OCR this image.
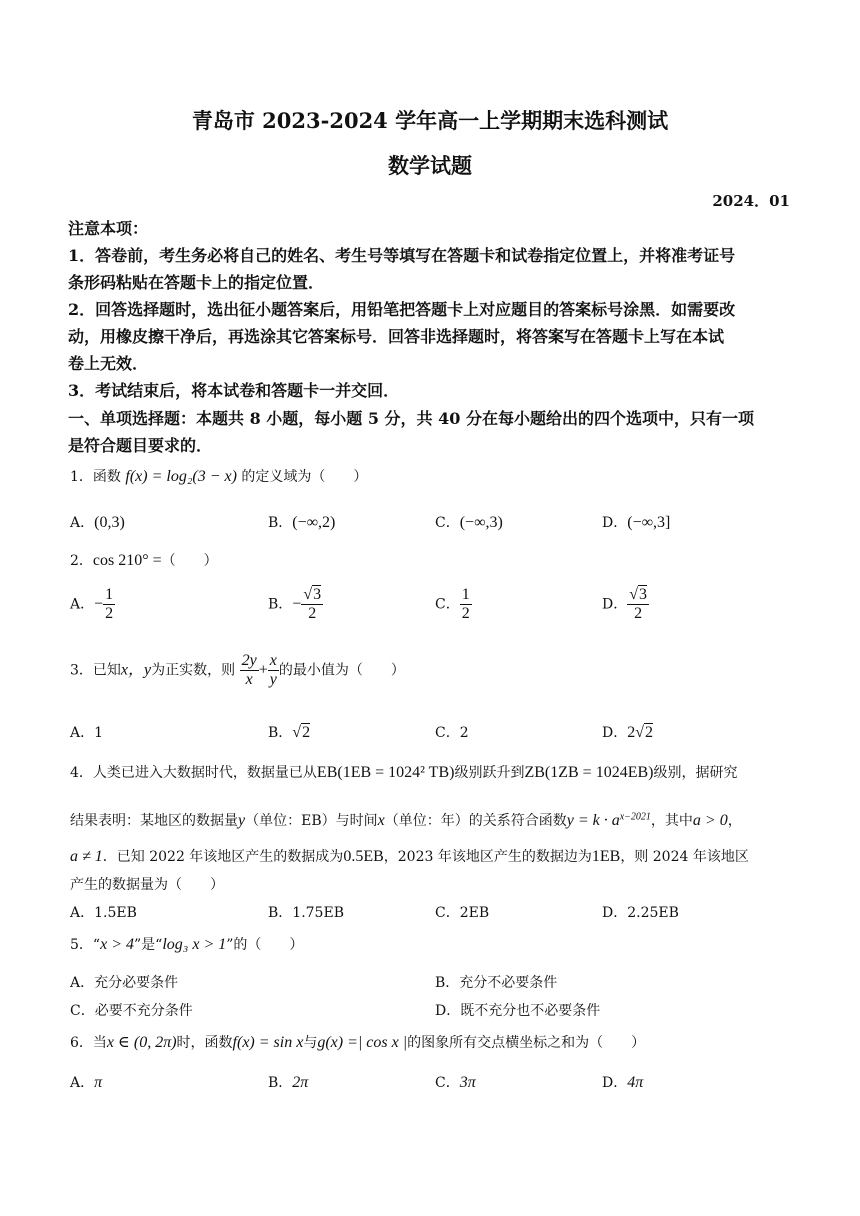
青岛市 2023-2024 学年高一上学期期末选科测试
数学试题
2024．01
注意本项：
1．答卷前，考生务必将自己的姓名、考生号等填写在答题卡和试卷指定位置上，并将准考证号
条形码粘贴在答题卡上的指定位置．
2．回答选择题时，选出征小题答案后，用铅笔把答题卡上对应题目的答案标号涂黑．如需要改
动，用橡皮擦干净后，再选涂其它答案标号．回答非选择题时，将答案写在答题卡上写在本试
卷上无效．
3．考试结束后，将本试卷和答题卡一并交回．
一、单项选择题：本题共 8 小题，每小题 5 分，共 40 分在每小题给出的四个选项中，只有一项
是符合题目要求的．
1．函数 f(x) = log₂(3 − x) 的定义域为（　　）
A．(0,3)	B．(−∞,2)	C．(−∞,3)	D．(−∞,3]
2．cos 210° =（　　）
A．− $\frac{1}{2}$	B．− $\frac{√3}{2}$	C． $\frac{1}{2}$	D． $\frac{√3}{2}$
3．已知x，y为正实数，则 $\frac{2y}{x} + \frac{x}{y}$ 的最小值为（　　）
A．1	B．√2	C．2	D．2√2
4．人类已进入大数据时代，数据量已从EB(1EB = 1024² TB)级别跃升到ZB(1ZB = 1024EB)级别，据研究
结果表明：某地区的数据量y（单位：EB）与时间x（单位：年）的关系符合函数$y = k \cdot a^{x-2021}$，其中a > 0，
a ≠ 1．已知 2022 年该地区产生的数据成为0.5EB，2023 年该地区产生的数据边为1EB，则 2024 年该地区
产生的数据量为（　　）
A．1.5EB	B．1.75EB	C．2EB	D．2.25EB
5．“x > 4”是“log₃ x > 1”的（　　）
A．充分必要条件	B．充分不必要条件
C．必要不充分条件	D．既不充分也不必要条件
6．当x ∈ (0, 2π)时，函数f(x) = sin x与g(x) =| cos x |的图象所有交点横坐标之和为（　　）
A．π	B．2π	C．3π	D．4π
